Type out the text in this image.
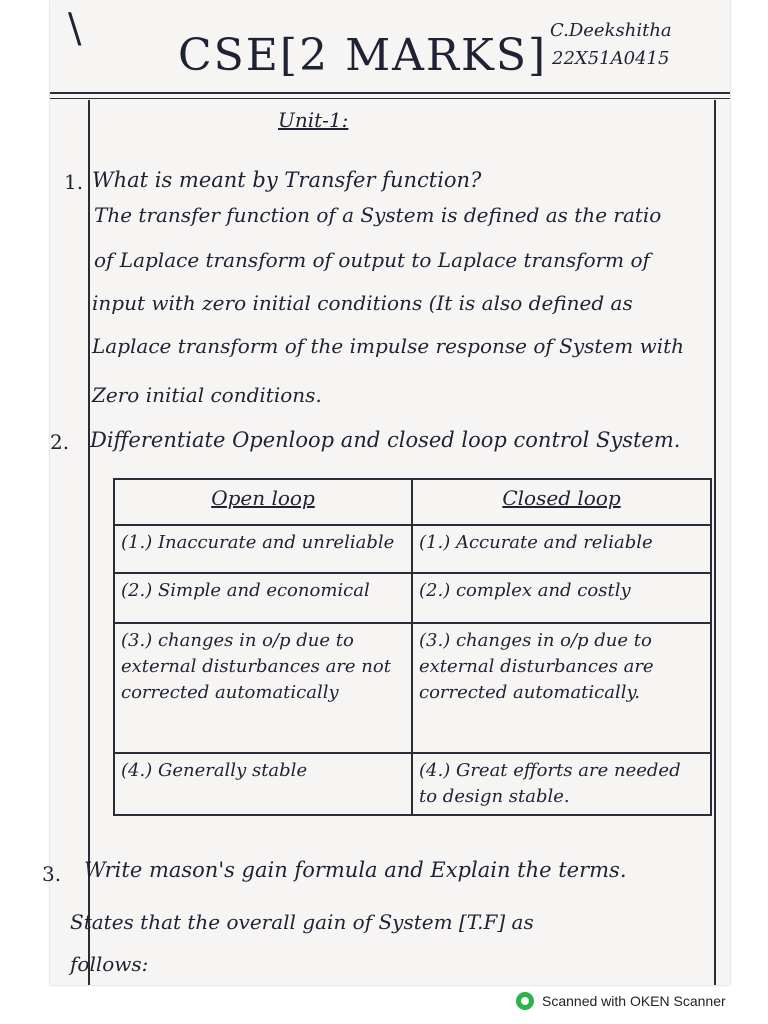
\
CSE[2 MARKS] C.Deekshitha
22X51A0415
Unit-1:
1. What is meant by Transfer function?
The transfer function of a System is defined as the ratio
of Laplace transform of output to Laplace transform of
input with zero initial conditions (It is also defined as
Laplace transform of the impulse response of System with
Zero initial conditions.
2. Differentiate Openloop and closed loop control System.
Open loop	Closed loop
(1.) Inaccurate and unreliable	(1.) Accurate and reliable
(2.) Simple and economical	(2.) complex and costly
(3.) changes in o/p due to external disturbances are not corrected automatically	(3.) changes in o/p due to external disturbances are corrected automatically.
(4.) Generally stable	(4.) Great efforts are needed to design stable.
3. Write mason's gain formula and Explain the terms.
States that the overall gain of System [T.F] as
follows:
Scanned with OKEN Scanner
